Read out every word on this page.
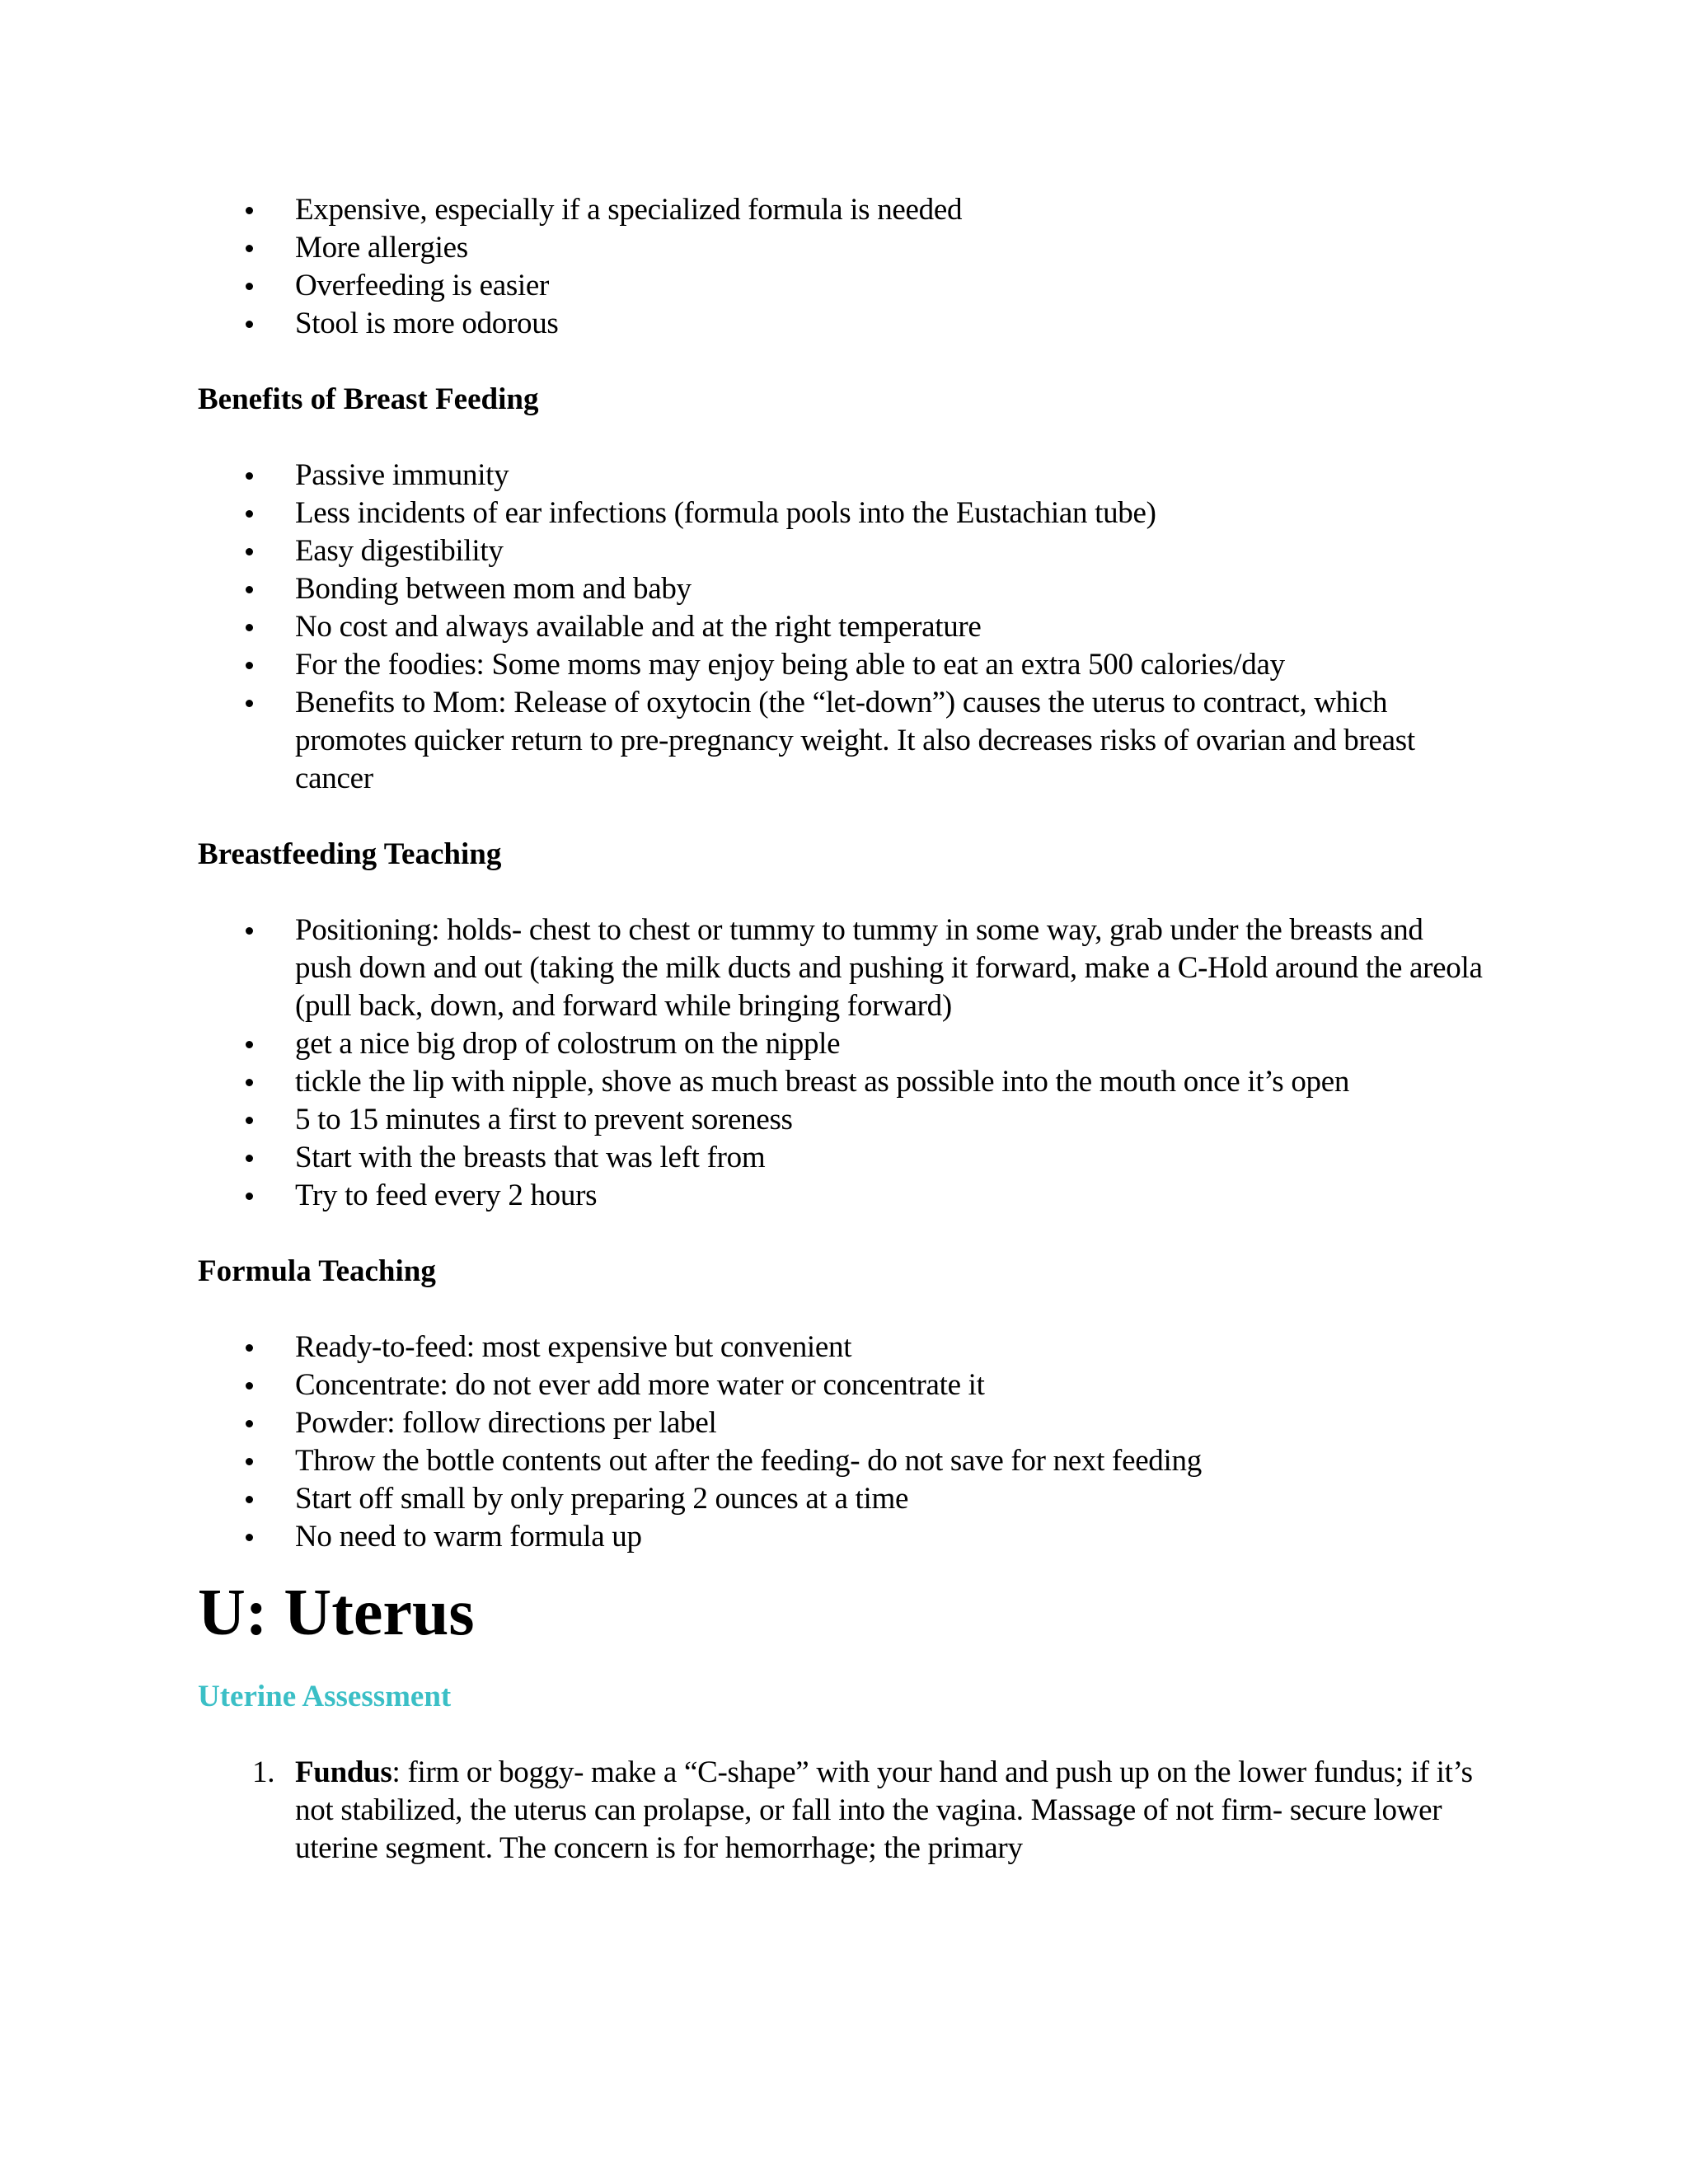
Expensive, especially if a specialized formula is needed
More allergies
Overfeeding is easier
Stool is more odorous
Benefits of Breast Feeding
Passive immunity
Less incidents of ear infections (formula pools into the Eustachian tube)
Easy digestibility
Bonding between mom and baby
No cost and always available and at the right temperature
For the foodies: Some moms may enjoy being able to eat an extra 500 calories/day
Benefits to Mom: Release of oxytocin (the “let-down”) causes the uterus to contract, which promotes quicker return to pre-pregnancy weight. It also decreases risks of ovarian and breast cancer
Breastfeeding Teaching
Positioning: holds- chest to chest or tummy to tummy in some way, grab under the breasts and push down and out (taking the milk ducts and pushing it forward, make a C-Hold around the areola (pull back, down, and forward while bringing forward)
get a nice big drop of colostrum on the nipple
tickle the lip with nipple, shove as much breast as possible into the mouth once it’s open
5 to 15 minutes a first to prevent soreness
Start with the breasts that was left from
Try to feed every 2 hours
Formula Teaching
Ready-to-feed: most expensive but convenient
Concentrate: do not ever add more water or concentrate it
Powder: follow directions per label
Throw the bottle contents out after the feeding- do not save for next feeding
Start off small by only preparing 2 ounces at a time
No need to warm formula up
U: Uterus
Uterine Assessment
1. Fundus: firm or boggy- make a “C-shape” with your hand and push up on the lower fundus; if it’s not stabilized, the uterus can prolapse, or fall into the vagina. Massage of not firm- secure lower uterine segment. The concern is for hemorrhage; the primary
